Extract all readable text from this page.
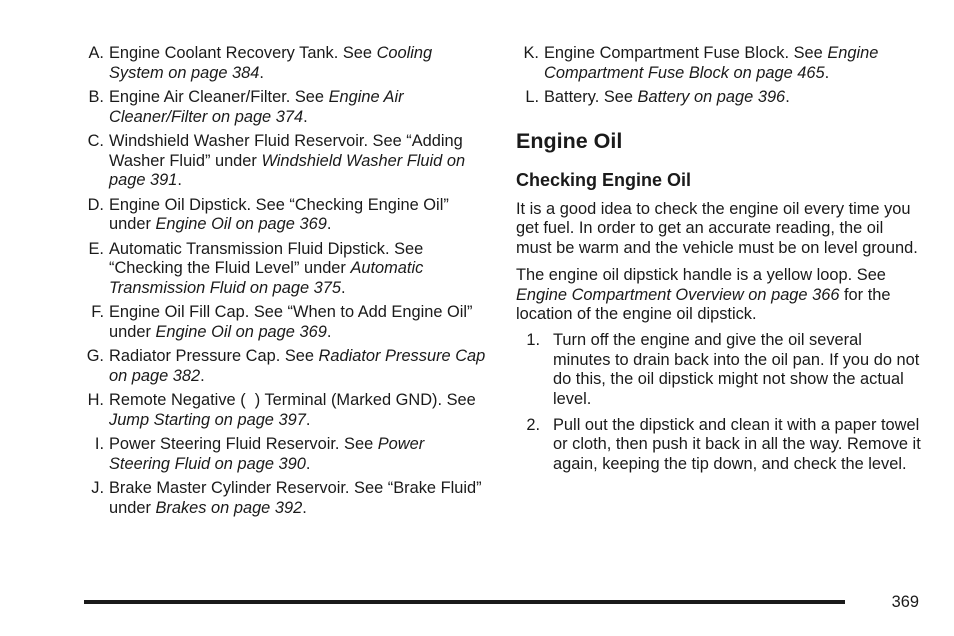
A. Engine Coolant Recovery Tank. See Cooling System on page 384.
B. Engine Air Cleaner/Filter. See Engine Air Cleaner/Filter on page 374.
C. Windshield Washer Fluid Reservoir. See “Adding Washer Fluid” under Windshield Washer Fluid on page 391.
D. Engine Oil Dipstick. See “Checking Engine Oil” under Engine Oil on page 369.
E. Automatic Transmission Fluid Dipstick. See “Checking the Fluid Level” under Automatic Transmission Fluid on page 375.
F. Engine Oil Fill Cap. See “When to Add Engine Oil” under Engine Oil on page 369.
G. Radiator Pressure Cap. See Radiator Pressure Cap on page 382.
H. Remote Negative (  ) Terminal (Marked GND). See Jump Starting on page 397.
I. Power Steering Fluid Reservoir. See Power Steering Fluid on page 390.
J. Brake Master Cylinder Reservoir. See “Brake Fluid” under Brakes on page 392.
K. Engine Compartment Fuse Block. See Engine Compartment Fuse Block on page 465.
L. Battery. See Battery on page 396.
Engine Oil
Checking Engine Oil
It is a good idea to check the engine oil every time you get fuel. In order to get an accurate reading, the oil must be warm and the vehicle must be on level ground.
The engine oil dipstick handle is a yellow loop. See Engine Compartment Overview on page 366 for the location of the engine oil dipstick.
1. Turn off the engine and give the oil several minutes to drain back into the oil pan. If you do not do this, the oil dipstick might not show the actual level.
2. Pull out the dipstick and clean it with a paper towel or cloth, then push it back in all the way. Remove it again, keeping the tip down, and check the level.
369
